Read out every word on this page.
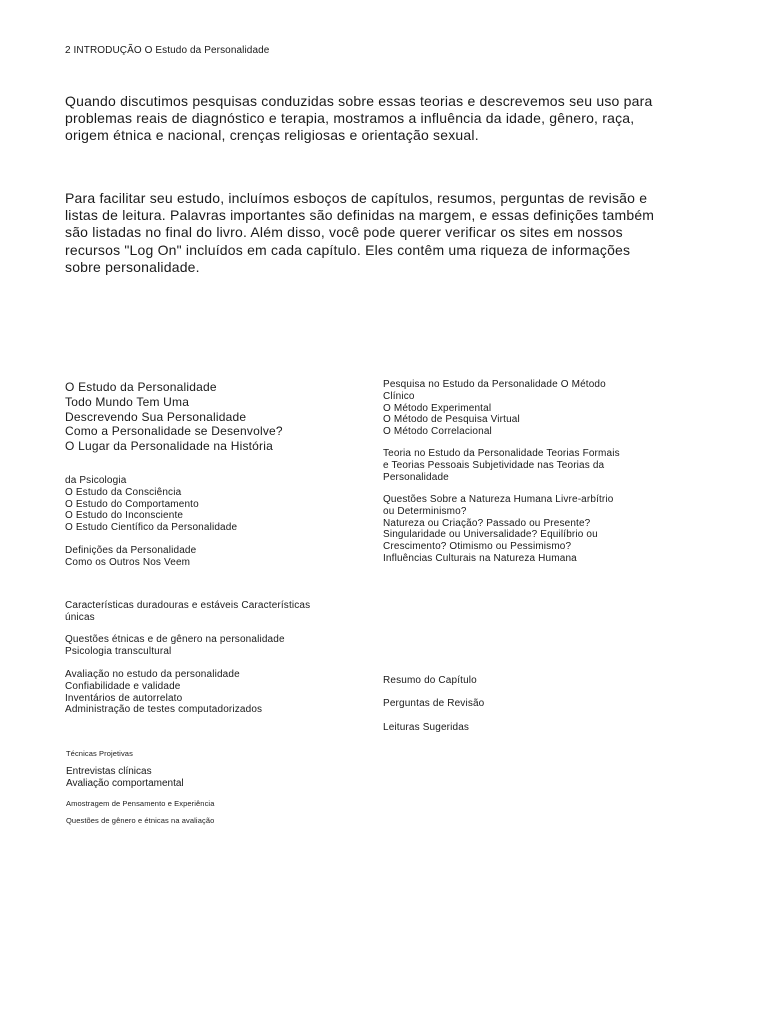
2 INTRODUÇÃO O Estudo da Personalidade
Quando discutimos pesquisas conduzidas sobre essas teorias e descrevemos seu uso para
problemas reais de diagnóstico e terapia, mostramos a influência da idade, gênero, raça,
origem étnica e nacional, crenças religiosas e orientação sexual.
Para facilitar seu estudo, incluímos esboços de capítulos, resumos, perguntas de revisão e
listas de leitura. Palavras importantes são definidas na margem, e essas definições também
são listadas no final do livro. Além disso, você pode querer verificar os sites em nossos
recursos "Log On" incluídos em cada capítulo. Eles contêm uma riqueza de informações
sobre personalidade.
O Estudo da Personalidade
Todo Mundo Tem Uma
Descrevendo Sua Personalidade
Como a Personalidade se Desenvolve?
O Lugar da Personalidade na História
da Psicologia
O Estudo da Consciência
O Estudo do Comportamento
O Estudo do Inconsciente
O Estudo Científico da Personalidade
Definições da Personalidade
Como os Outros Nos Veem
Características duradouras e estáveis Características
únicas
Questões étnicas e de gênero na personalidade
Psicologia transcultural
Avaliação no estudo da personalidade
Confiabilidade e validade
Inventários de autorrelato
Administração de testes computadorizados
Técnicas Projetivas
Entrevistas clínicas
Avaliação comportamental
Amostragem de Pensamento e Experiência
Questões de gênero e étnicas na avaliação
Pesquisa no Estudo da Personalidade O Método
Clínico
O Método Experimental
O Método de Pesquisa Virtual
O Método Correlacional
Teoria no Estudo da Personalidade Teorias Formais
e Teorias Pessoais Subjetividade nas Teorias da
Personalidade
Questões Sobre a Natureza Humana Livre-arbítrio
ou Determinismo?
Natureza ou Criação? Passado ou Presente?
Singularidade ou Universalidade? Equilíbrio ou
Crescimento? Otimismo ou Pessimismo?
Influências Culturais na Natureza Humana
Resumo do Capítulo
Perguntas de Revisão
Leituras Sugeridas
